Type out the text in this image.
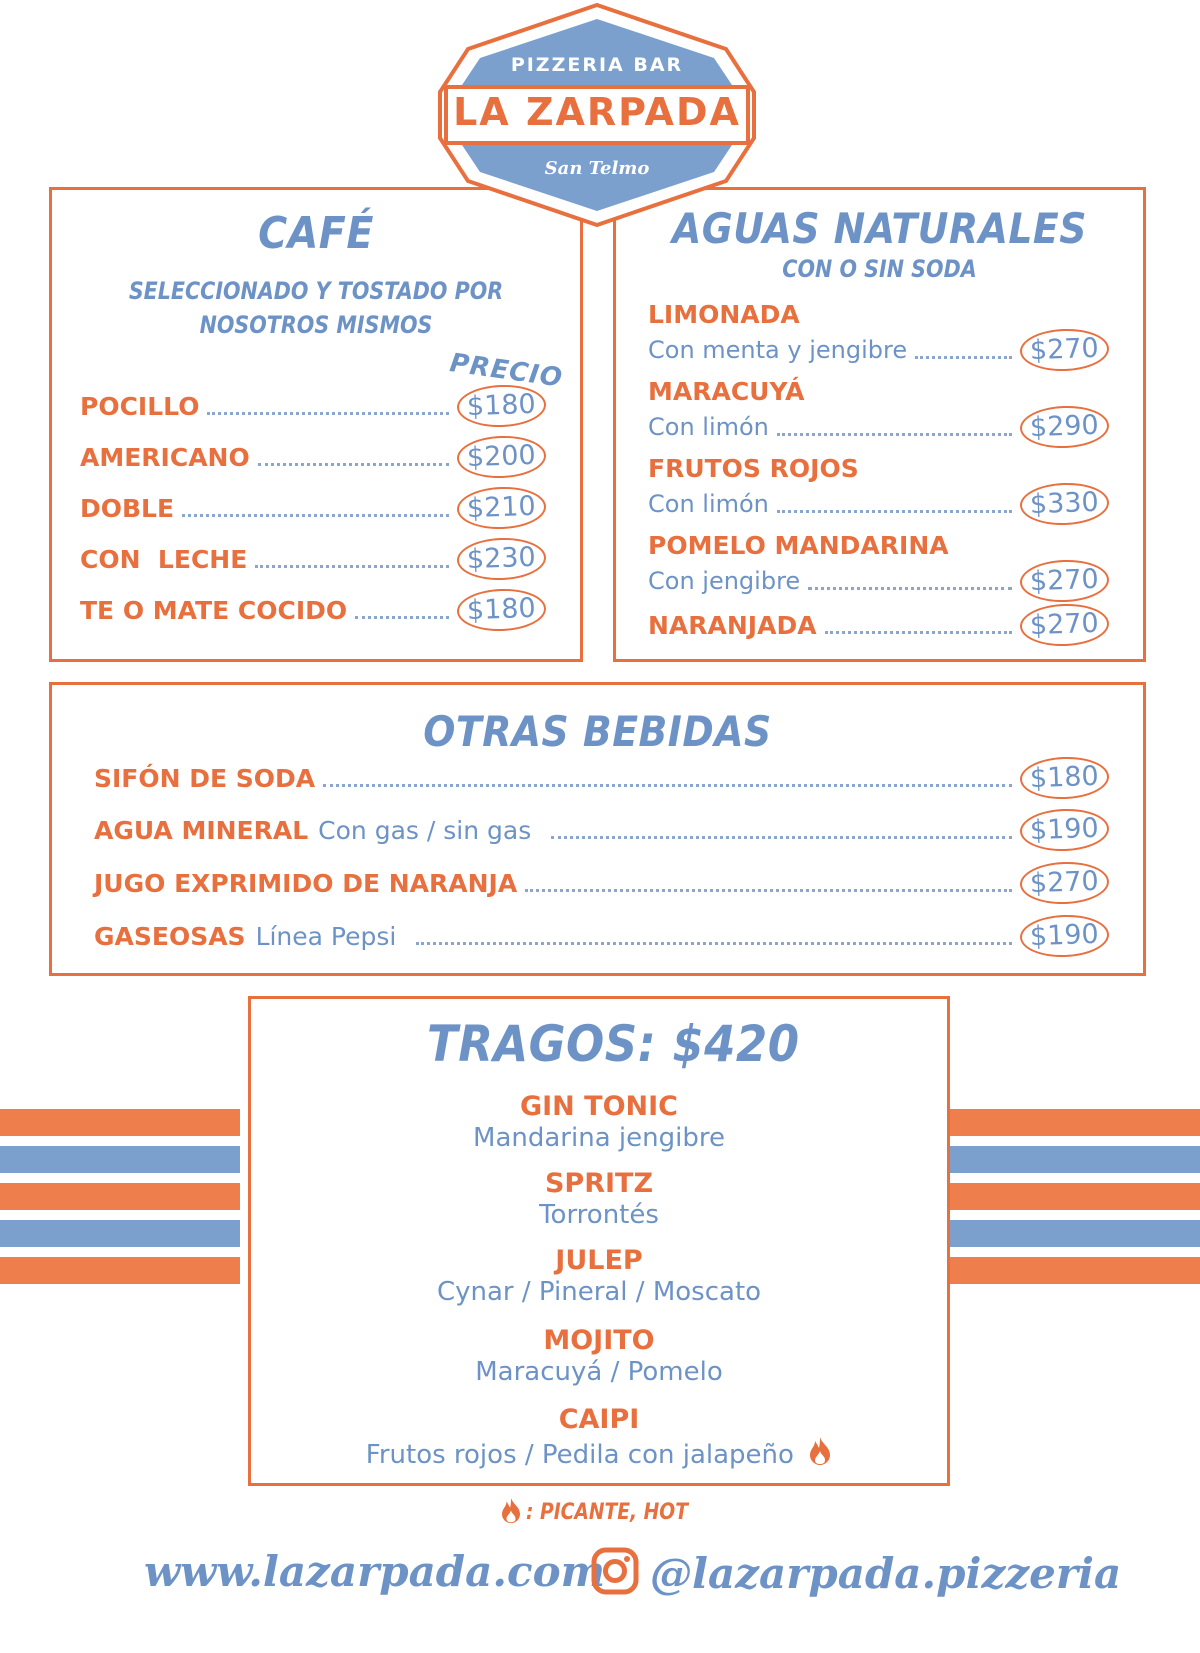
CAFÉ
SELECCIONADO Y TOSTADO POR
NOSOTROS MISMOS
PRECIO
POCILLO	$180
AMERICANO	$200
DOBLE	$210
CON  LECHE	$230
TE O MATE COCIDO	$180
AGUAS NATURALES
CON O SIN SODA
LIMONADA
Con menta y jengibre	$270
MARACUYÁ
Con limón	$290
FRUTOS ROJOS
Con limón	$330
POMELO MANDARINA
Con jengibre	$270
NARANJADA	$270
OTRAS BEBIDAS
SIFÓN DE SODA	$180
AGUA MINERAL Con gas / sin gas	$190
JUGO EXPRIMIDO DE NARANJA	$270
GASEOSAS Línea Pepsi	$190
TRAGOS: $420
GIN TONIC
Mandarina jengibre
SPRITZ
Torrontés
JULEP
Cynar / Pineral / Moscato
MOJITO
Maracuyá / Pomelo
CAIPI
Frutos rojos / Pedila con jalapeño
PIZZERIA BAR
LA ZARPADA
San Telmo
: PICANTE, HOT
www.lazarpada.com @lazarpada.pizzeria
